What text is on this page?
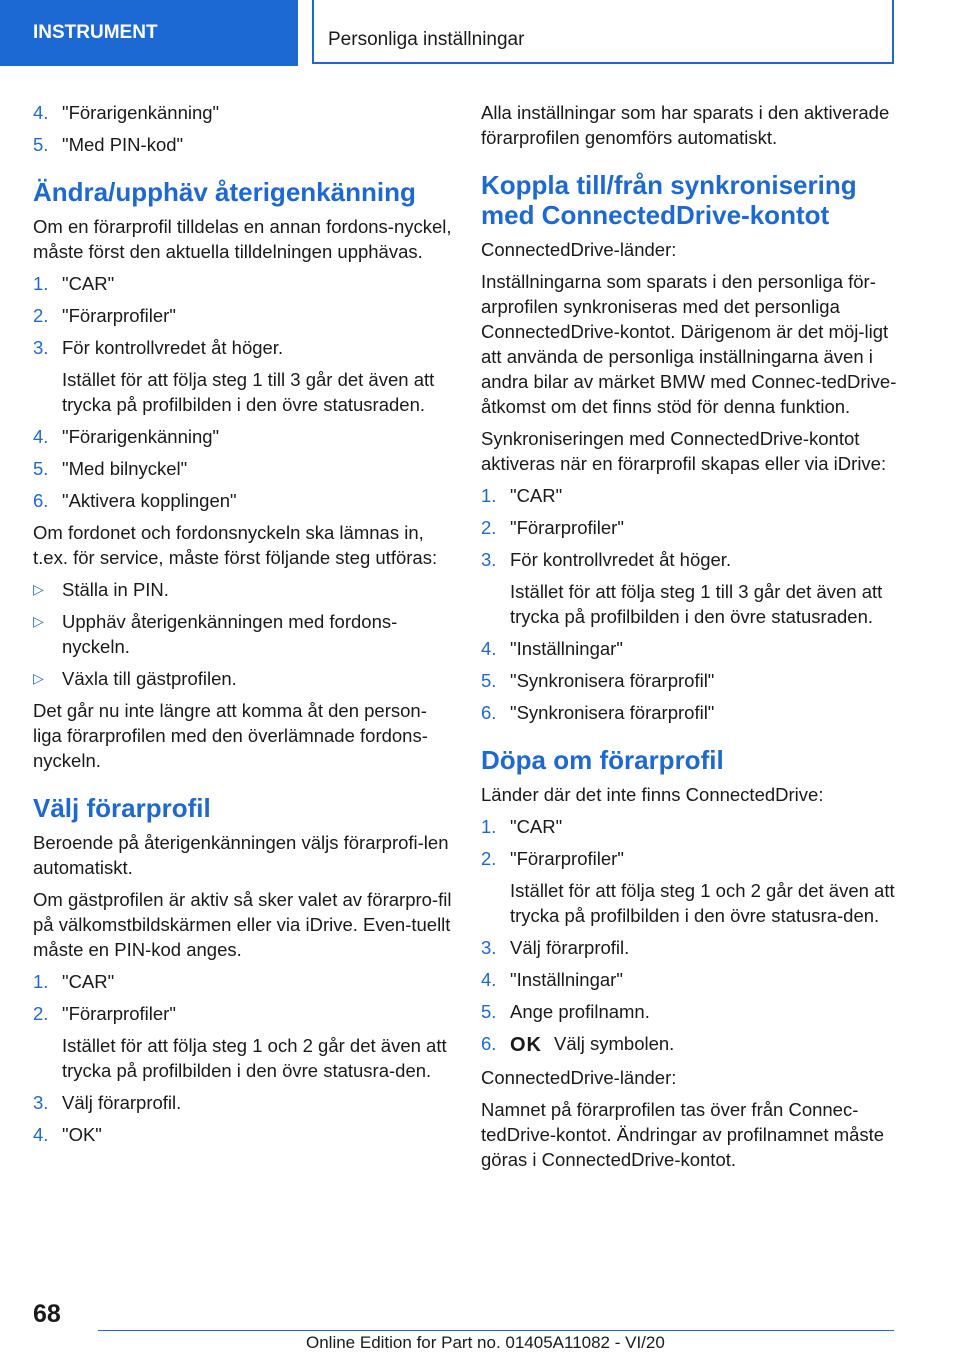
INSTRUMENT	Personliga inställningar
4. "Förarigenkänning"
5. "Med PIN-kod"
Ändra/upphäv återigenkänning

Om en förarprofil tilldelas en annan fordons-nyckel, måste först den aktuella tilldelningen upphävas.

1. "CAR"
2. "Förarprofiler"
3. För kontrollvredet åt höger.
Istället för att följa steg 1 till 3 går det även att trycka på profilbilden i den övre statusraden.
4. "Förarigenkänning"
5. "Med bilnyckel"
6. "Aktivera kopplingen"

Om fordonet och fordonsnyckeln ska lämnas in, t.ex. för service, måste först följande steg utföras:

▷ Ställa in PIN.
▷ Upphäv återigenkänningen med fordons-nyckeln.
▷ Växla till gästprofilen.

Det går nu inte längre att komma åt den person-liga förarprofilen med den överlämnade fordons-nyckeln.

Välj förarprofil

Beroende på återigenkänningen väljs förarprofi-len automatiskt.

Om gästprofilen är aktiv så sker valet av förarpro-fil på välkomstbildskärmen eller via iDrive. Even-tuellt måste en PIN-kod anges.

1. "CAR"
2. "Förarprofiler"
Istället för att följa steg 1 och 2 går det även att trycka på profilbilden i den övre statusra-den.
3. Välj förarprofil.
4. "OK"

Alla inställningar som har sparats i den aktiverade förarprofilen genomförs automatiskt.

Koppla till/från synkronisering med ConnectedDrive-kontot

ConnectedDrive-länder:

Inställningarna som sparats i den personliga för-arprofilen synkroniseras med det personliga ConnectedDrive-kontot. Därigenom är det möj-ligt att använda de personliga inställningarna även i andra bilar av märket BMW med Connec-tedDrive-åtkomst om det finns stöd för denna funktion.

Synkroniseringen med ConnectedDrive-kontot aktiveras när en förarprofil skapas eller via iDrive:

1. "CAR"
2. "Förarprofiler"
3. För kontrollvredet åt höger.
Istället för att följa steg 1 till 3 går det även att trycka på profilbilden i den övre statusraden.
4. "Inställningar"
5. "Synkronisera förarprofil"
6. "Synkronisera förarprofil"
Döpa om förarprofil

Länder där det inte finns ConnectedDrive:

1. "CAR"
2. "Förarprofiler"
Istället för att följa steg 1 och 2 går det även att trycka på profilbilden i den övre statusra-den.
3. Välj förarprofil.
4. "Inställningar"
5. Ange profilnamn.
6. OK Välj symbolen.

ConnectedDrive-länder:

Namnet på förarprofilen tas över från Connec-tedDrive-kontot. Ändringar av profilnamnet måste göras i ConnectedDrive-kontot.

68
Online Edition for Part no. 01405A11082 - VI/20
